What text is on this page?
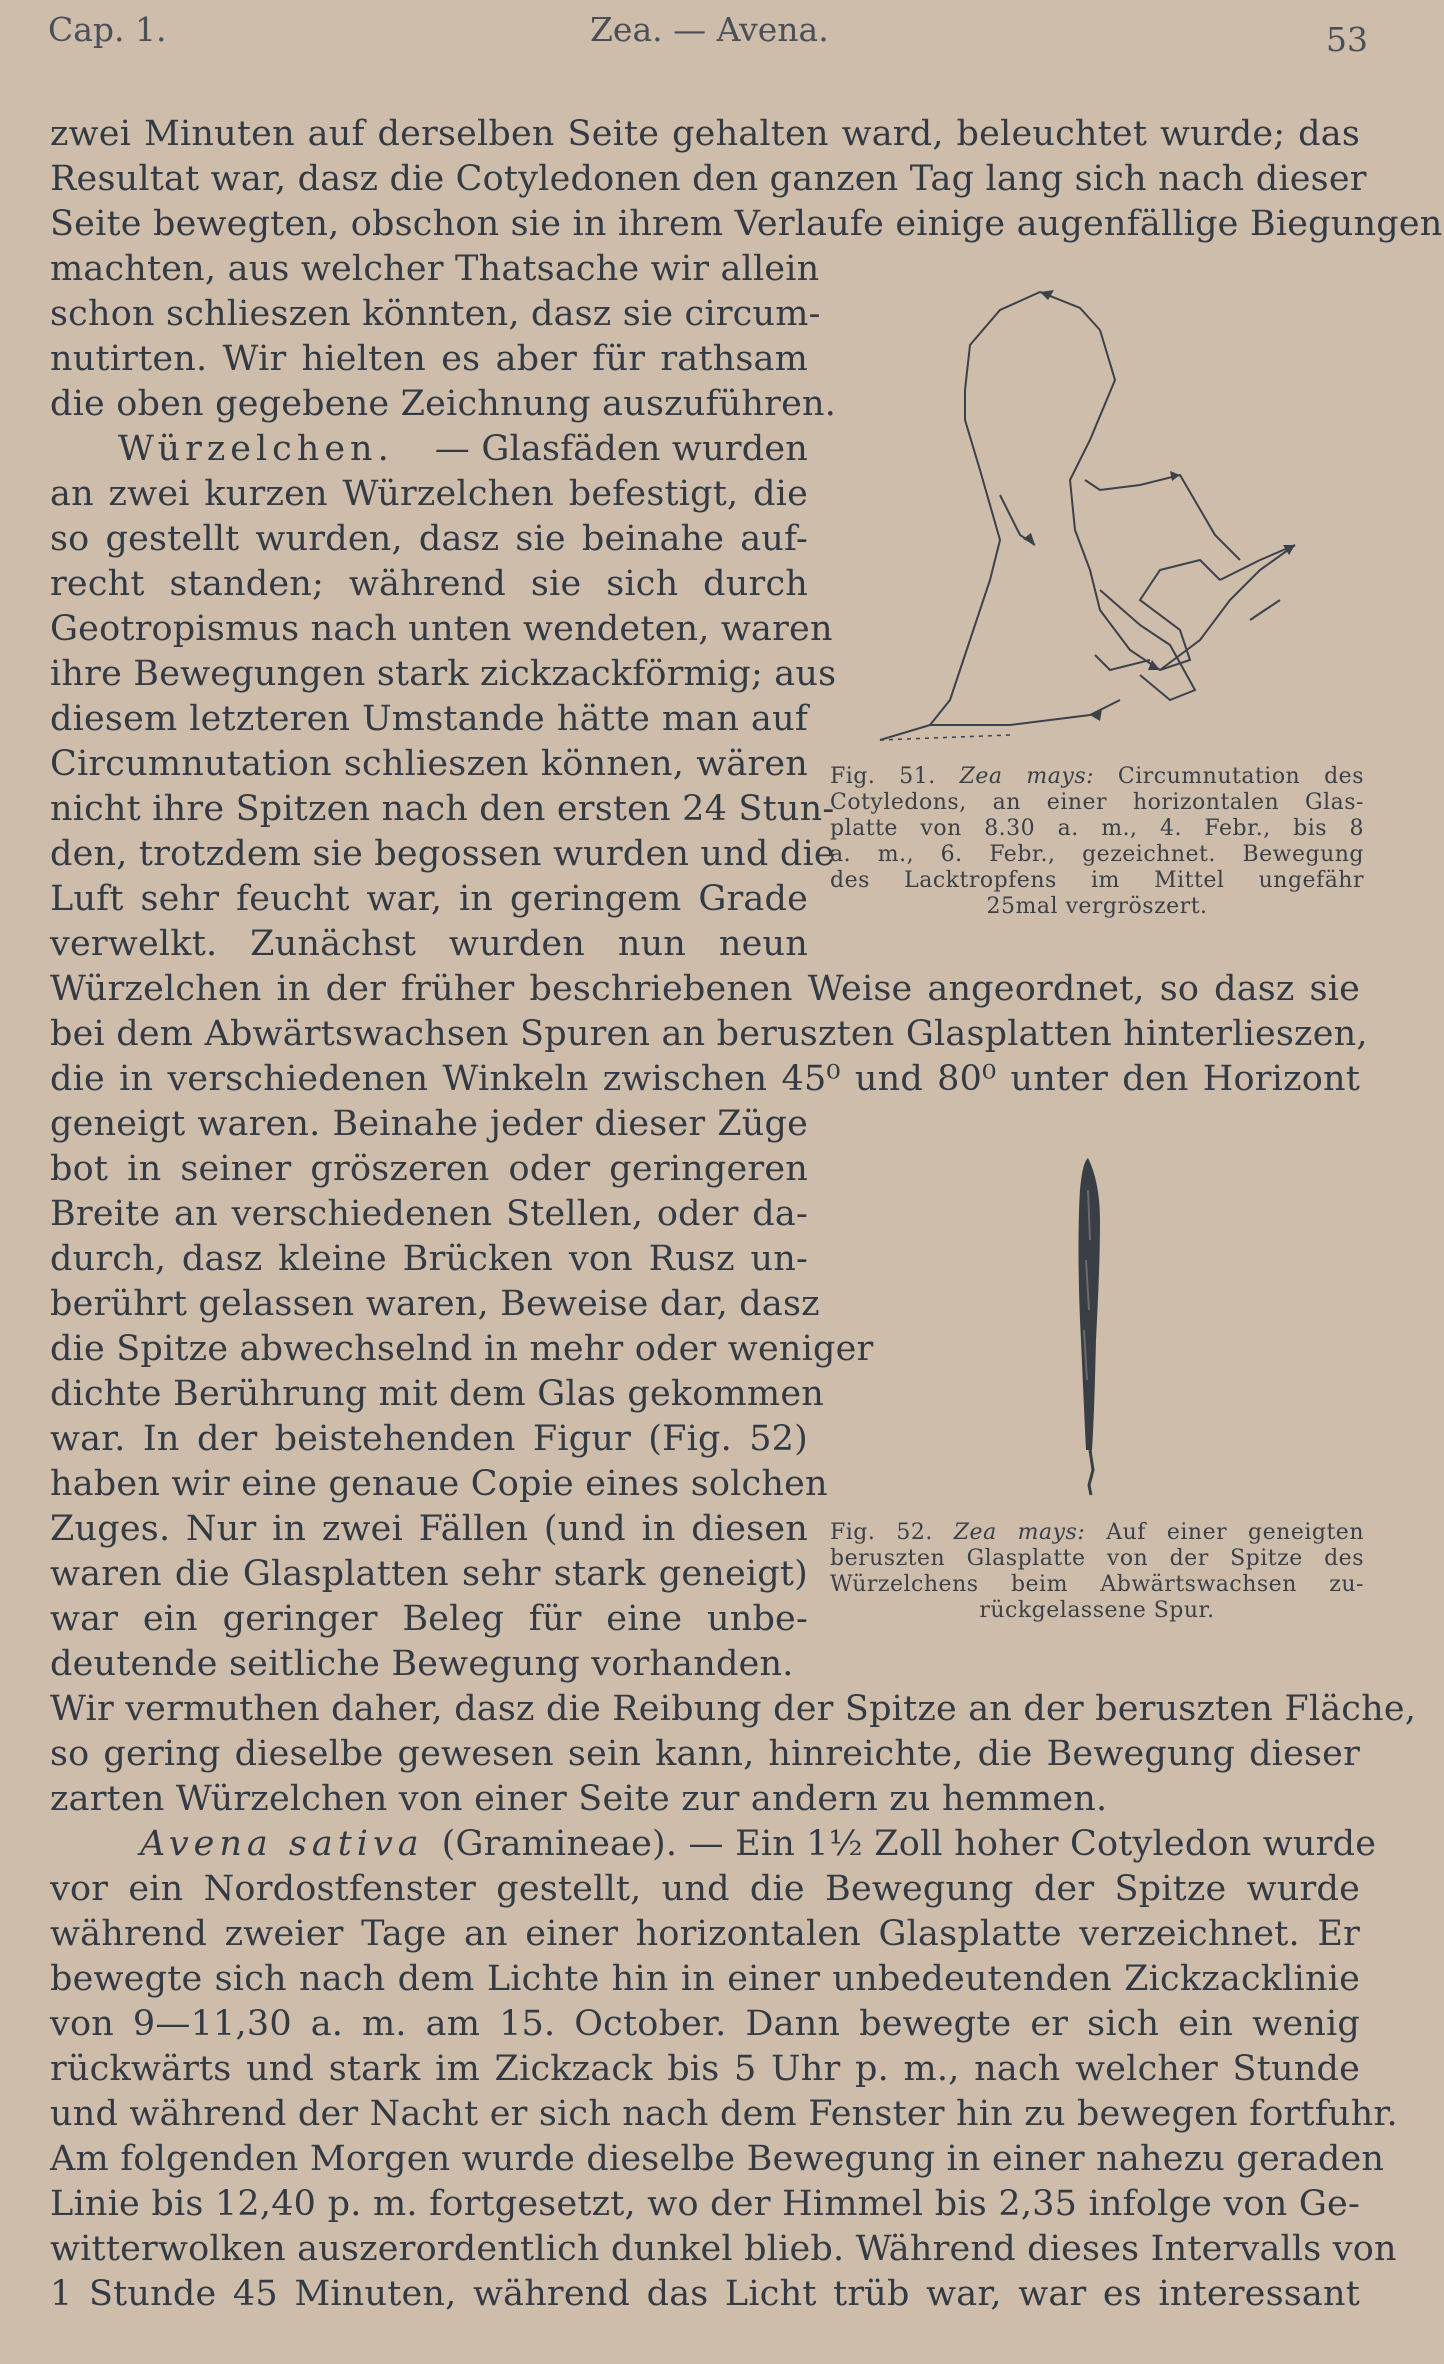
Cap. 1.	Zea. — Avena.	53
zwei Minuten auf derselben Seite gehalten ward, beleuchtet wurde; das
Resultat war, dasz die Cotyledonen den ganzen Tag lang sich nach dieser
Seite bewegten, obschon sie in ihrem Verlaufe einige augenfällige Biegungen
machten, aus welcher Thatsache wir allein
schon schlieszen könnten, dasz sie circum-
nutirten. Wir hielten es aber für rathsam
die oben gegebene Zeichnung auszuführen.
Würzelchen. — Glasfäden wurden
an zwei kurzen Würzelchen befestigt, die
so gestellt wurden, dasz sie beinahe auf-
recht standen; während sie sich durch
Geotropismus nach unten wendeten, waren
ihre Bewegungen stark zickzackförmig; aus
diesem letzteren Umstande hätte man auf
Circumnutation schlieszen können, wären
nicht ihre Spitzen nach den ersten 24 Stun-
den, trotzdem sie begossen wurden und die
Luft sehr feucht war, in geringem Grade
verwelkt. Zunächst wurden nun neun
Würzelchen in der früher beschriebenen Weise angeordnet, so dasz sie
bei dem Abwärtswachsen Spuren an beruszten Glasplatten hinterlieszen,
die in verschiedenen Winkeln zwischen 45⁰ und 80⁰ unter den Horizont
geneigt waren. Beinahe jeder dieser Züge
bot in seiner gröszeren oder geringeren
Breite an verschiedenen Stellen, oder da-
durch, dasz kleine Brücken von Rusz un-
berührt gelassen waren, Beweise dar, dasz
die Spitze abwechselnd in mehr oder weniger
dichte Berührung mit dem Glas gekommen
war. In der beistehenden Figur (Fig. 52)
haben wir eine genaue Copie eines solchen
Zuges. Nur in zwei Fällen (und in diesen
waren die Glasplatten sehr stark geneigt)
war ein geringer Beleg für eine unbe-
deutende seitliche Bewegung vorhanden.
Wir vermuthen daher, dasz die Reibung der Spitze an der beruszten Fläche,
so gering dieselbe gewesen sein kann, hinreichte, die Bewegung dieser
zarten Würzelchen von einer Seite zur andern zu hemmen.
Avena sativa (Gramineae). — Ein 1½ Zoll hoher Cotyledon wurde
vor ein Nordostfenster gestellt, und die Bewegung der Spitze wurde
während zweier Tage an einer horizontalen Glasplatte verzeichnet. Er
bewegte sich nach dem Lichte hin in einer unbedeutenden Zickzacklinie
von 9—11,30 a. m. am 15. October. Dann bewegte er sich ein wenig
rückwärts und stark im Zickzack bis 5 Uhr p. m., nach welcher Stunde
und während der Nacht er sich nach dem Fenster hin zu bewegen fortfuhr.
Am folgenden Morgen wurde dieselbe Bewegung in einer nahezu geraden
Linie bis 12,40 p. m. fortgesetzt, wo der Himmel bis 2,35 infolge von Ge-
witterwolken auszerordentlich dunkel blieb. Während dieses Intervalls von
1 Stunde 45 Minuten, während das Licht trüb war, war es interessant
Fig. 51. Zea mays: Circumnutation des
Cotyledons, an einer horizontalen Glas-
platte von 8.30 a. m., 4. Febr., bis 8
a. m., 6. Febr., gezeichnet. Bewegung
des Lacktropfens im Mittel ungefähr
25mal vergröszert.
Fig. 52. Zea mays: Auf einer geneigten
beruszten Glasplatte von der Spitze des
Würzelchens beim Abwärtswachsen zu-
rückgelassene Spur.
